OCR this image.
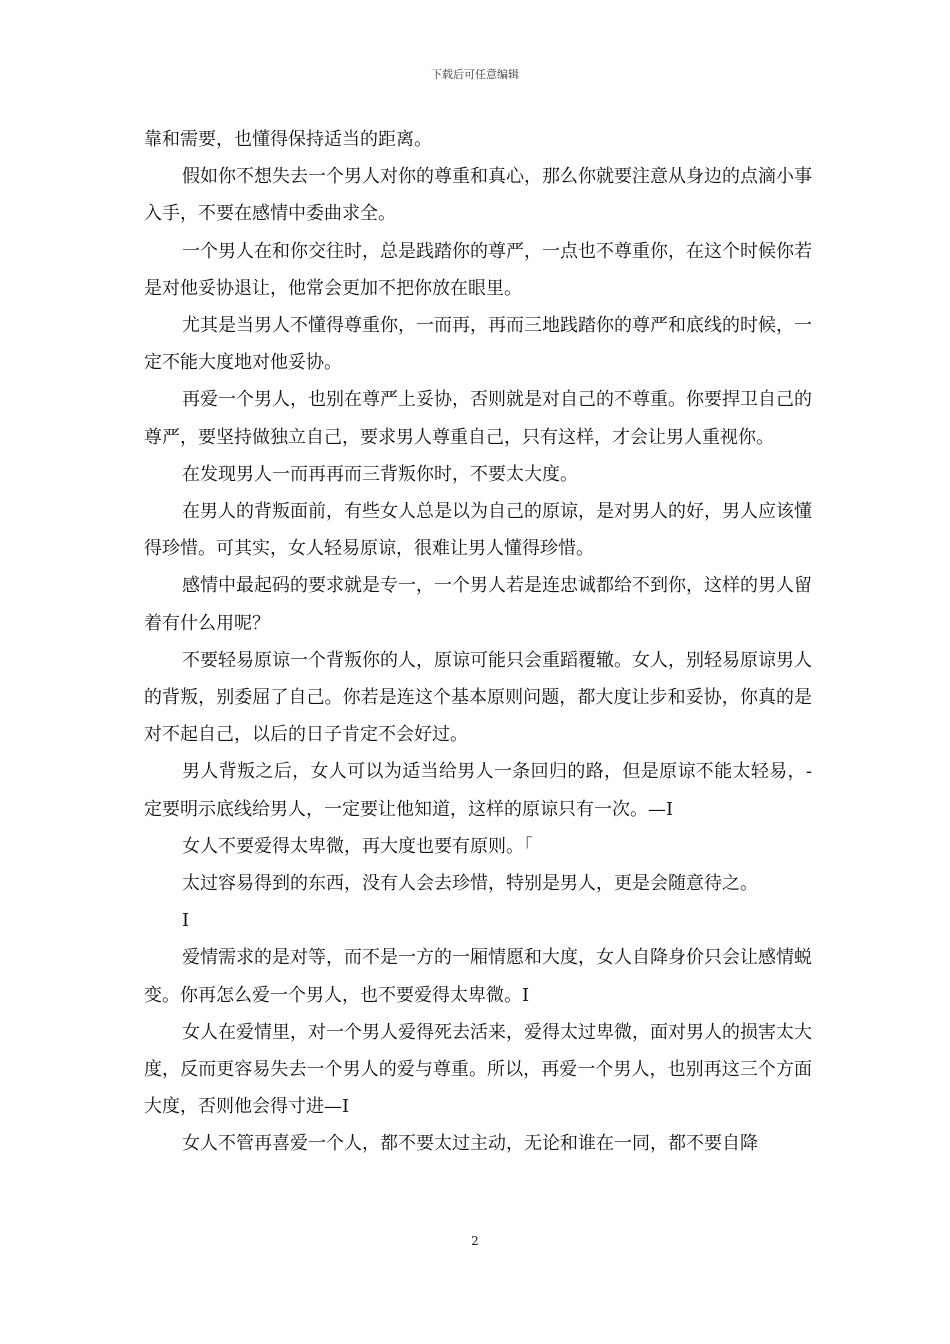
下载后可任意编辑

靠和需要，也懂得保持适当的距离。

假如你不想失去一个男人对你的尊重和真心，那么你就要注意从身边的点滴小事入手，不要在感情中委曲求全。

一个男人在和你交往时，总是践踏你的尊严，一点也不尊重你，在这个时候你若是对他妥协退让，他常会更加不把你放在眼里。

尤其是当男人不懂得尊重你，一而再，再而三地践踏你的尊严和底线的时候，一定不能大度地对他妥协。

再爱一个男人，也别在尊严上妥协，否则就是对自己的不尊重。你要捍卫自己的尊严，要坚持做独立自己，要求男人尊重自己，只有这样，才会让男人重视你。

在发现男人一而再再而三背叛你时，不要太大度。

在男人的背叛面前，有些女人总是以为自己的原谅，是对男人的好，男人应该懂得珍惜。可其实，女人轻易原谅，很难让男人懂得珍惜。

感情中最起码的要求就是专一，一个男人若是连忠诚都给不到你，这样的男人留着有什么用呢？

不要轻易原谅一个背叛你的人，原谅可能只会重蹈覆辙。女人，别轻易原谅男人的背叛，别委屈了自己。你若是连这个基本原则问题，都大度让步和妥协，你真的是对不起自己，以后的日子肯定不会好过。

男人背叛之后，女人可以为适当给男人一条回归的路，但是原谅不能太轻易，-定要明示底线给男人，一定要让他知道，这样的原谅只有一次。—I

女人不要爱得太卑微，再大度也要有原则。「

太过容易得到的东西，没有人会去珍惜，特别是男人，更是会随意待之。

I

爱情需求的是对等，而不是一方的一厢情愿和大度，女人自降身价只会让感情蜕变。你再怎么爱一个男人，也不要爱得太卑微。I

女人在爱情里，对一个男人爱得死去活来，爱得太过卑微，面对男人的损害太大度，反而更容易失去一个男人的爱与尊重。所以，再爱一个男人，也别再这三个方面大度，否则他会得寸进—I

女人不管再喜爱一个人，都不要太过主动，无论和谁在一同，都不要自降

2
